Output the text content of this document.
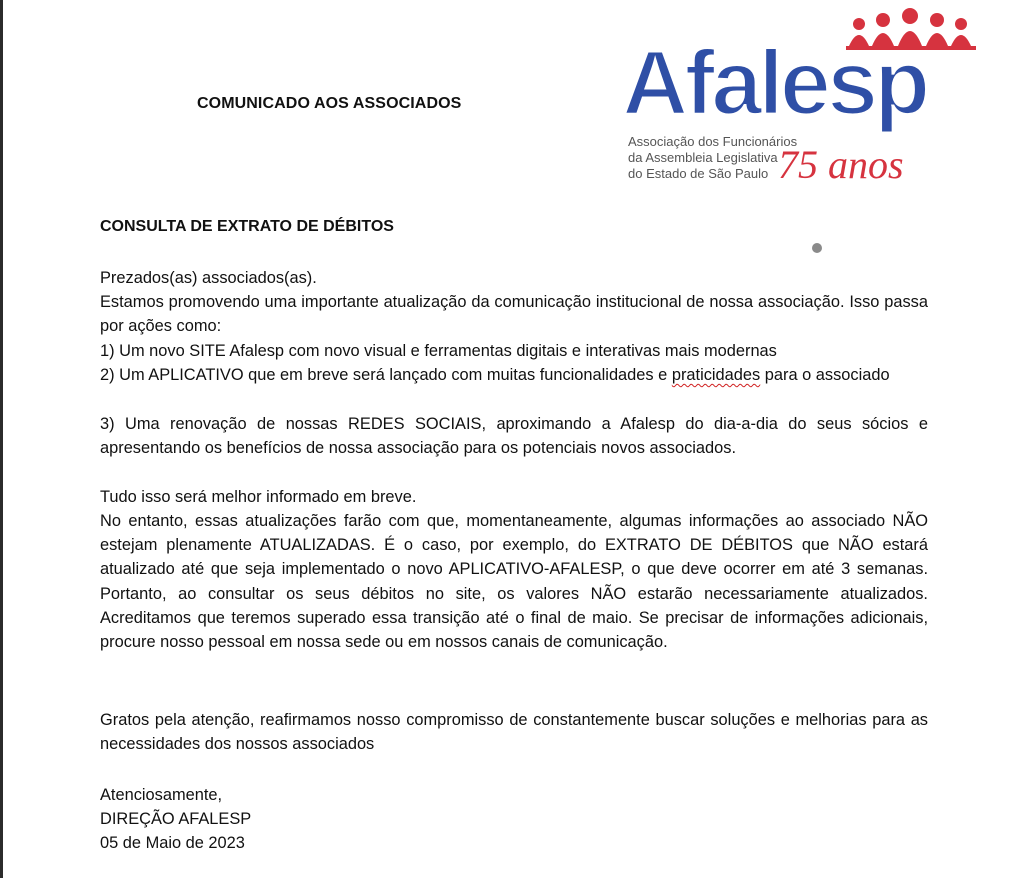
COMUNICADO AOS ASSOCIADOS Afalesp
Associação dos Funcionários
da Assembleia Legislativa
do Estado de São Paulo 75 anos
CONSULTA DE EXTRATO DE DÉBITOS

Prezados(as) associados(as).

Estamos promovendo uma importante atualização da comunicação institucional de nossa associação. Isso passa por ações como:

1) Um novo SITE Afalesp com novo visual e ferramentas digitais e interativas mais modernas

2) Um APLICATIVO que em breve será lançado com muitas funcionalidades e praticidades para o associado

3) Uma renovação de nossas REDES SOCIAIS, aproximando a Afalesp do dia-a-dia do seus sócios e apresentando os benefícios de nossa associação para os potenciais novos associados.

Tudo isso será melhor informado em breve.

No entanto, essas atualizações farão com que, momentaneamente, algumas informações ao associado NÃO estejam plenamente ATUALIZADAS. É o caso, por exemplo, do EXTRATO DE DÉBITOS que NÃO estará atualizado até que seja implementado o novo APLICATIVO-AFALESP, o que deve ocorrer em até 3 semanas. Portanto, ao consultar os seus débitos no site, os valores NÃO estarão necessariamente atualizados. Acreditamos que teremos superado essa transição até o final de maio. Se precisar de informações adicionais, procure nosso pessoal em nossa sede ou em nossos canais de comunicação.

Gratos pela atenção, reafirmamos nosso compromisso de constantemente buscar soluções e melhorias para as necessidades dos nossos associados

Atenciosamente,

DIREÇÃO AFALESP

05 de Maio de 2023
